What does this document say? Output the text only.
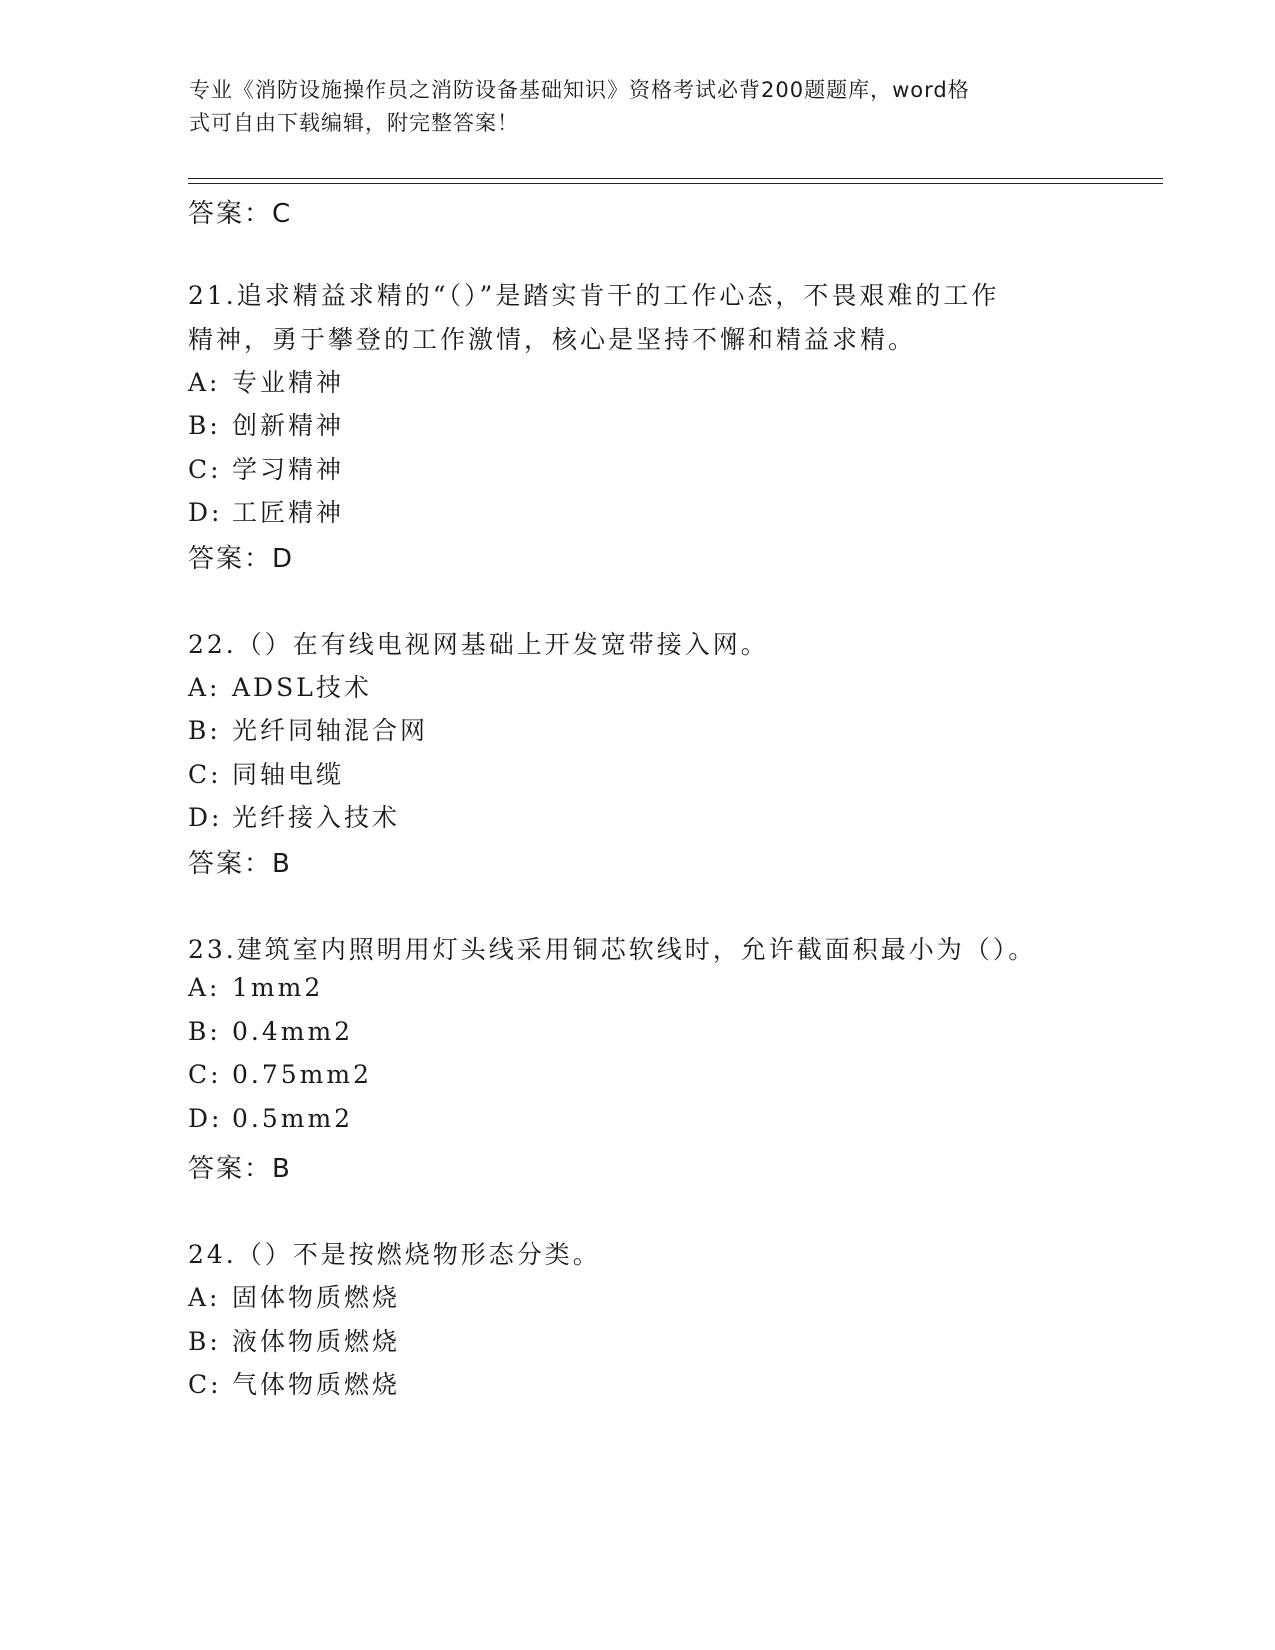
专业《消防设施操作员之消防设备基础知识》资格考试必背200题题库，word格
式可自由下载编辑，附完整答案！
答案：C
21.追求精益求精的“（）”是踏实肯干的工作心态，不畏艰难的工作
精神，勇于攀登的工作激情，核心是坚持不懈和精益求精。
A: 专业精神
B: 创新精神
C: 学习精神
D: 工匠精神
答案：D
22.（）在有线电视网基础上开发宽带接入网。
A: ADSL技术
B: 光纤同轴混合网
C: 同轴电缆
D: 光纤接入技术
答案：B
23.建筑室内照明用灯头线采用铜芯软线时，允许截面积最小为（）。
A: 1mm2
B: 0.4mm2
C: 0.75mm2
D: 0.5mm2
答案：B
24.（）不是按燃烧物形态分类。
A: 固体物质燃烧
B: 液体物质燃烧
C: 气体物质燃烧
